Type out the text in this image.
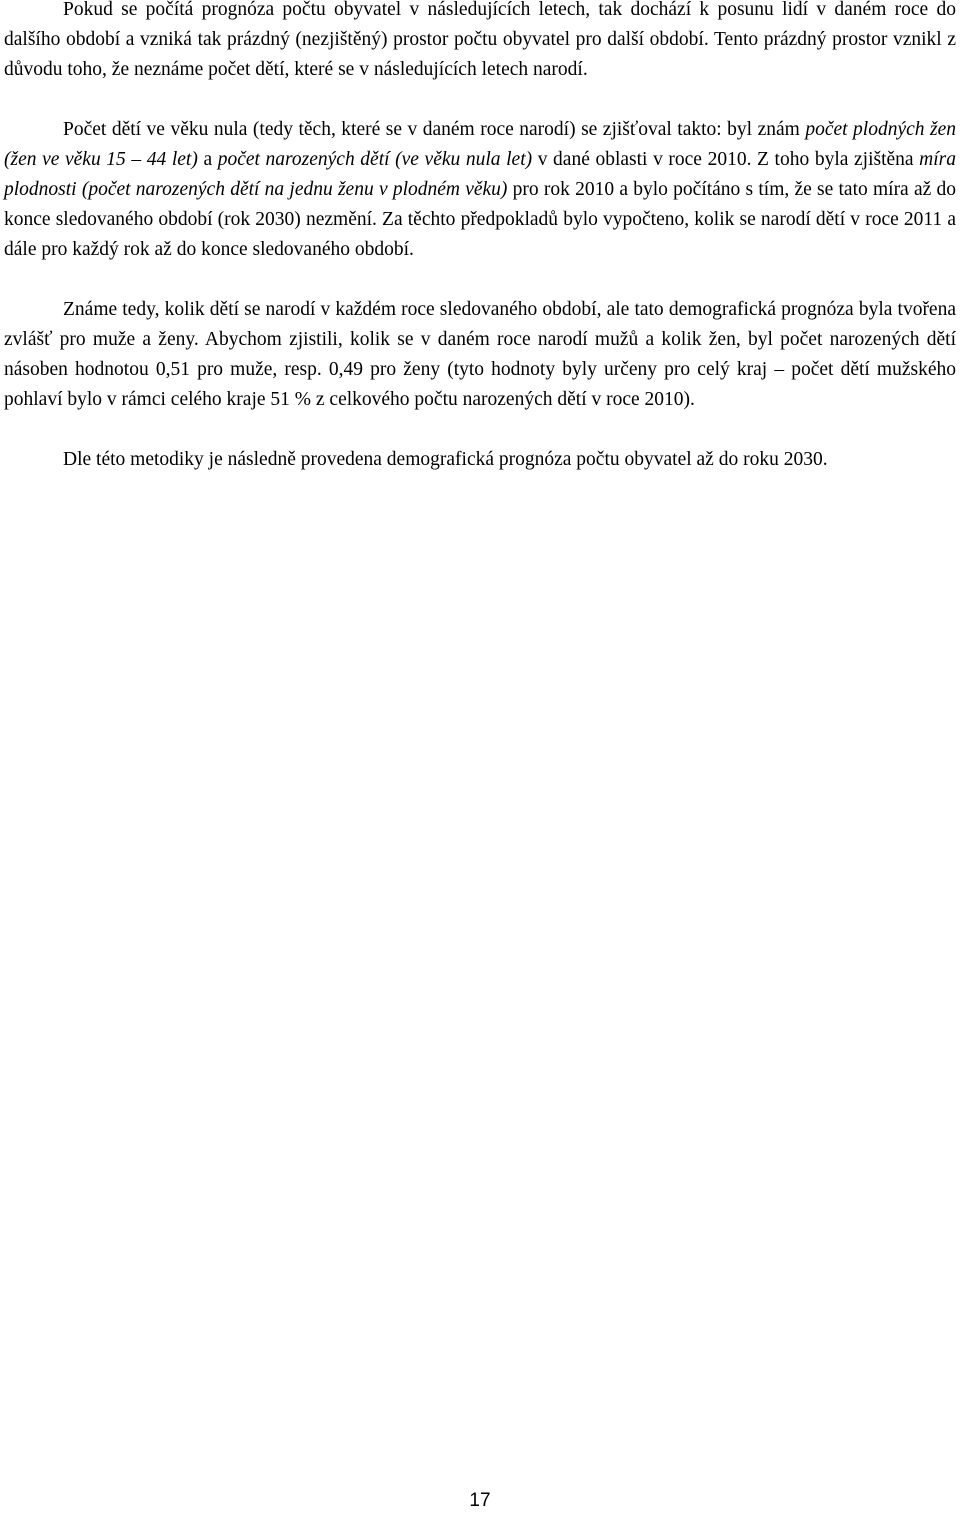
Pokud se počítá prognóza počtu obyvatel v následujících letech, tak dochází k posunu lidí v daném roce do dalšího období a vzniká tak prázdný (nezjištěný) prostor počtu obyvatel pro další období. Tento prázdný prostor vznikl z důvodu toho, že neznáme počet dětí, které se v následujících letech narodí.

Počet dětí ve věku nula (tedy těch, které se v daném roce narodí) se zjišťoval takto: byl znám počet plodných žen (žen ve věku 15 – 44 let) a počet narozených dětí (ve věku nula let) v dané oblasti v roce 2010. Z toho byla zjištěna míra plodnosti (počet narozených dětí na jednu ženu v plodném věku) pro rok 2010 a bylo počítáno s tím, že se tato míra až do konce sledovaného období (rok 2030) nezmění. Za těchto předpokladů bylo vypočteno, kolik se narodí dětí v roce 2011 a dále pro každý rok až do konce sledovaného období.

Známe tedy, kolik dětí se narodí v každém roce sledovaného období, ale tato demografická prognóza byla tvořena zvlášť pro muže a ženy. Abychom zjistili, kolik se v daném roce narodí mužů a kolik žen, byl počet narozených dětí násoben hodnotou 0,51 pro muže, resp. 0,49 pro ženy (tyto hodnoty byly určeny pro celý kraj – počet dětí mužského pohlaví bylo v rámci celého kraje 51 % z celkového počtu narozených dětí v roce 2010).

Dle této metodiky je následně provedena demografická prognóza počtu obyvatel až do roku 2030.

17
